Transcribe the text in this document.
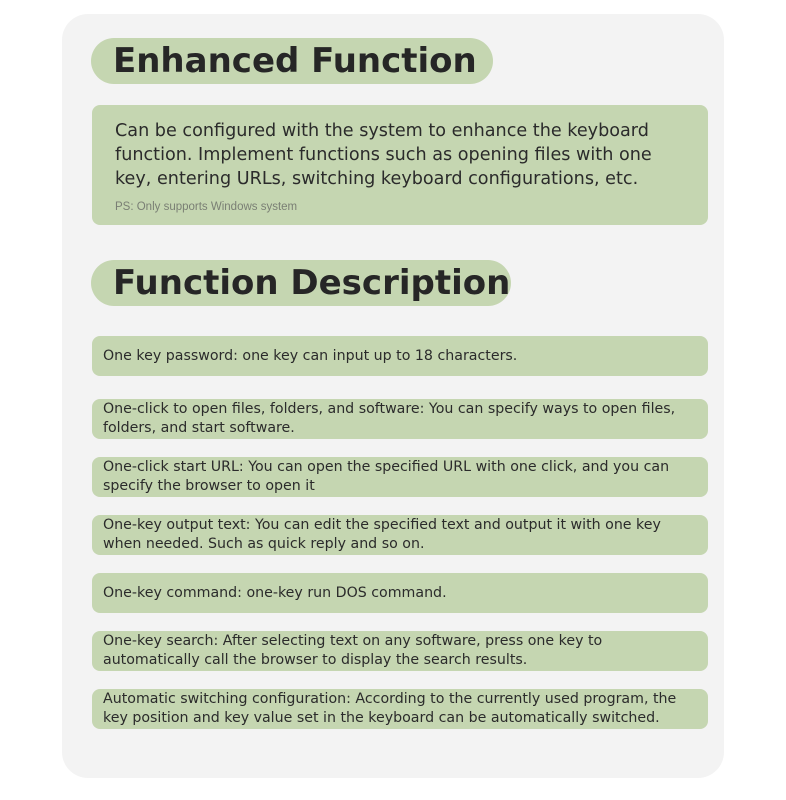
Enhanced Function
Can be configured with the system to enhance the keyboard function. Implement functions such as opening files with one key, entering URLs, switching keyboard configurations, etc.
PS: Only supports Windows system
Function Description
One key password: one key can input up to 18 characters.
One-click to open files, folders, and software: You can specify ways to open files, folders, and start software.
One-click start URL: You can open the specified URL with one click, and you can specify the browser to open it
One-key output text: You can edit the specified text and output it with one key when needed. Such as quick reply and so on.
One-key command: one-key run DOS command.
One-key search: After selecting text on any software, press one key to automatically call the browser to display the search results.
Automatic switching configuration: According to the currently used program, the key position and key value set in the keyboard can be automatically switched.
